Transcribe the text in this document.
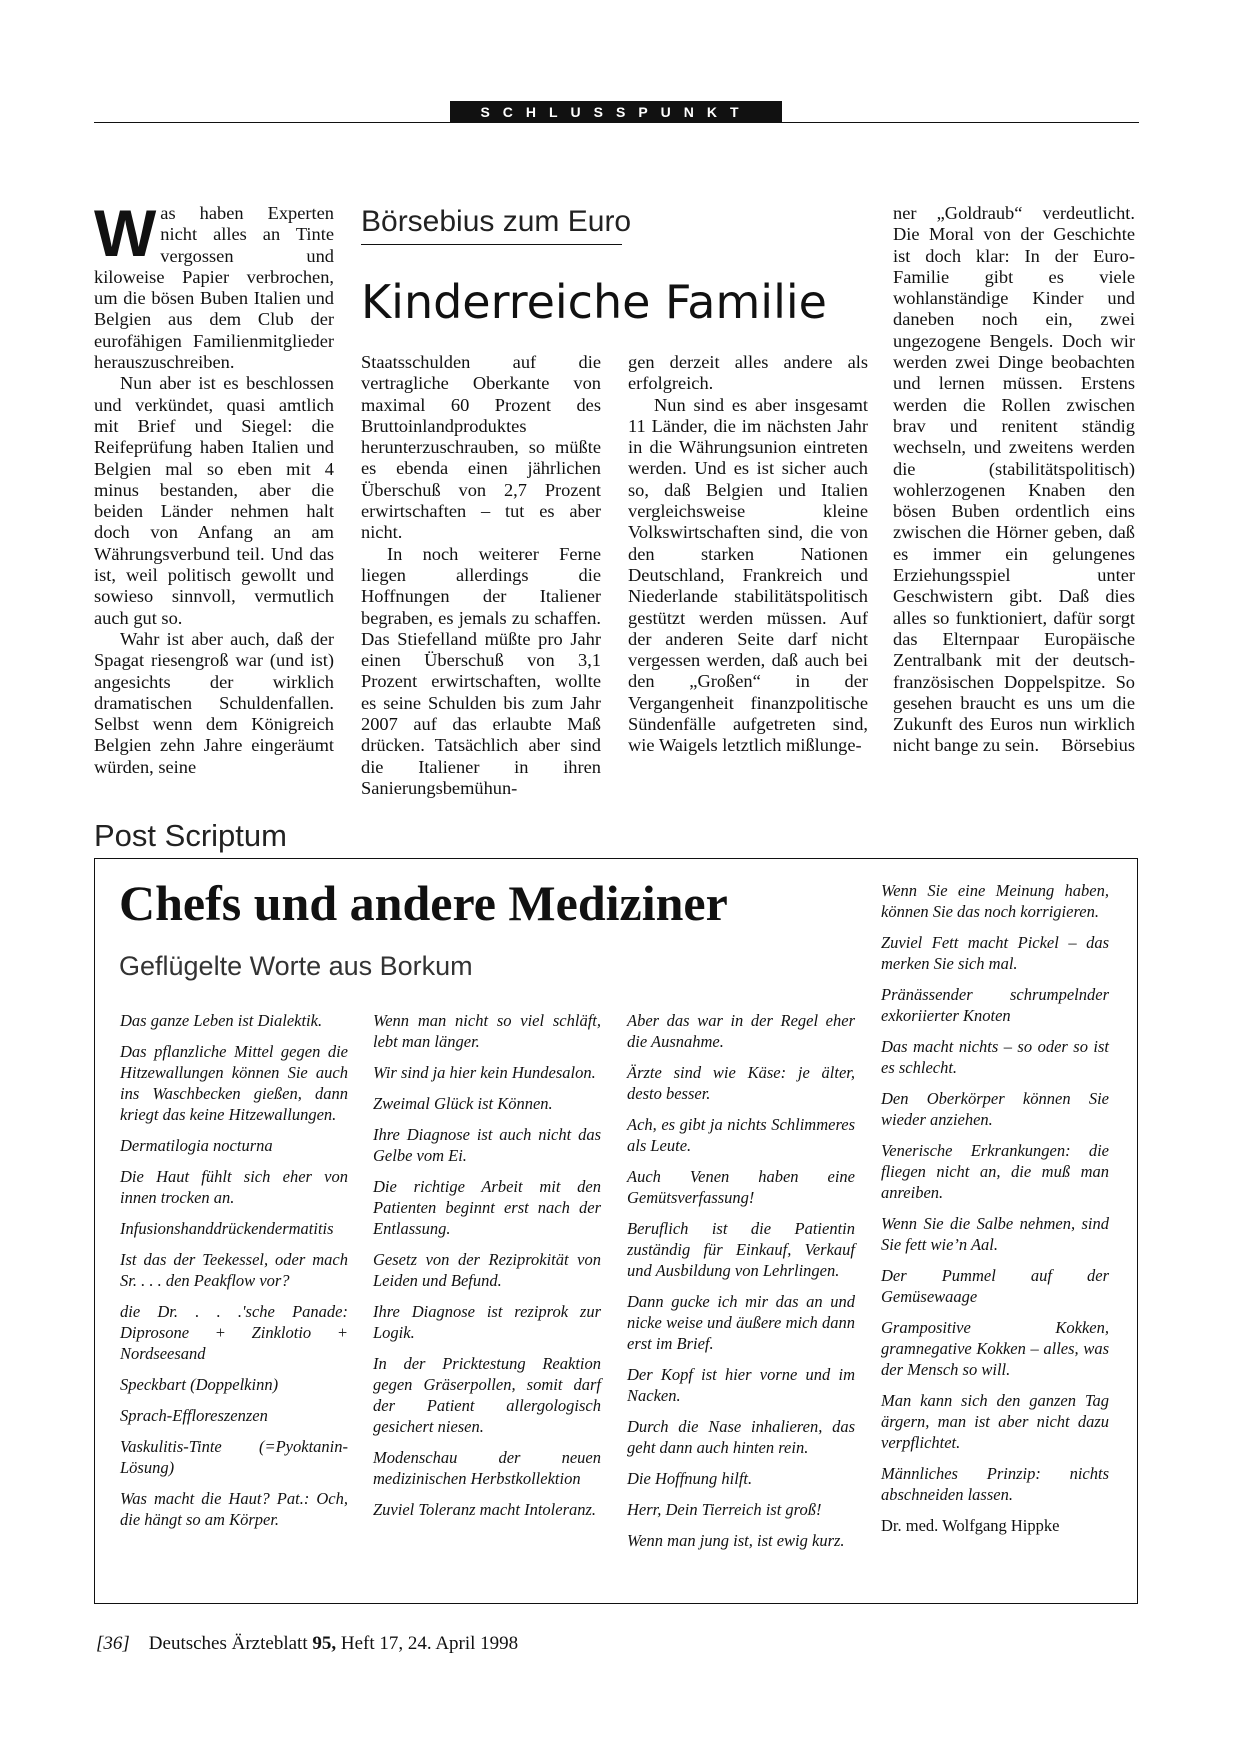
SCHLUSSPUNKT
Börsebius zum Euro
Kinderreiche Familie

Was haben Experten nicht alles an Tinte vergossen und kiloweise Papier verbrochen, um die bösen Buben Italien und Belgien aus dem Club der eurofähigen Familienmitglieder herauszuschreiben.

Nun aber ist es beschlossen und verkündet, quasi amtlich mit Brief und Siegel: die Reifeprüfung haben Italien und Belgien mal so eben mit 4 minus bestanden, aber die beiden Länder nehmen halt doch von Anfang an am Währungsverbund teil. Und das ist, weil politisch gewollt und sowieso sinnvoll, vermutlich auch gut so.

Wahr ist aber auch, daß der Spagat riesengroß war (und ist) angesichts der wirklich dramatischen Schuldenfallen. Selbst wenn dem Königreich Belgien zehn Jahre eingeräumt würden, seine

Staatsschulden auf die vertragliche Oberkante von maximal 60 Prozent des Bruttoinlandproduktes herunterzuschrauben, so müßte es ebenda einen jährlichen Überschuß von 2,7 Prozent erwirtschaften – tut es aber nicht.

In noch weiterer Ferne liegen allerdings die Hoffnungen der Italiener begraben, es jemals zu schaffen. Das Stiefelland müßte pro Jahr einen Überschuß von 3,1 Prozent erwirtschaften, wollte es seine Schulden bis zum Jahr 2007 auf das erlaubte Maß drücken. Tatsächlich aber sind die Italiener in ihren Sanierungsbemühun-

gen derzeit alles andere als erfolgreich.

Nun sind es aber insgesamt 11 Länder, die im nächsten Jahr in die Währungsunion eintreten werden. Und es ist sicher auch so, daß Belgien und Italien vergleichsweise kleine Volkswirtschaften sind, die von den starken Nationen Deutschland, Frankreich und Niederlande stabilitätspolitisch gestützt werden müssen. Auf der anderen Seite darf nicht vergessen werden, daß auch bei den „Großen“ in der Vergangenheit finanzpolitische Sündenfälle aufgetreten sind, wie Waigels letztlich mißlunge-

ner „Goldraub“ verdeutlicht. Die Moral von der Geschichte ist doch klar: In der Euro-Familie gibt es viele wohlanständige Kinder und daneben noch ein, zwei ungezogene Bengels. Doch wir werden zwei Dinge beobachten und lernen müssen. Erstens werden die Rollen zwischen brav und renitent ständig wechseln, und zweitens werden die (stabilitätspolitisch) wohlerzogenen Knaben den bösen Buben ordentlich eins zwischen die Hörner geben, daß es immer ein gelungenes Erziehungsspiel unter Geschwistern gibt. Daß dies alles so funktioniert, dafür sorgt das Elternpaar Europäische Zentralbank mit der deutsch-französischen Doppelspitze. So gesehen braucht es uns um die Zukunft des Euros nun wirklich nicht bange zu sein. Börsebius

Post Scriptum
Chefs und andere Mediziner
Geflügelte Worte aus Borkum

Das ganze Leben ist Dialektik.

Das pflanzliche Mittel gegen die Hitzewallungen können Sie auch ins Waschbecken gießen, dann kriegt das keine Hitzewallungen.

Dermatilogia nocturna

Die Haut fühlt sich eher von innen trocken an.

Infusionshanddrückendermatitis

Ist das der Teekessel, oder mach Sr. . . . den Peakflow vor?

die Dr. . . .'sche Panade: Diprosone + Zinklotio + Nordseesand

Speckbart (Doppelkinn)

Sprach-Effloreszenzen

Vaskulitis-Tinte (=Pyoktanin-Lösung)

Was macht die Haut? Pat.: Och, die hängt so am Körper.

Wenn man nicht so viel schläft, lebt man länger.

Wir sind ja hier kein Hundesalon.

Zweimal Glück ist Können.

Ihre Diagnose ist auch nicht das Gelbe vom Ei.

Die richtige Arbeit mit den Patienten beginnt erst nach der Entlassung.

Gesetz von der Reziprokität von Leiden und Befund.

Ihre Diagnose ist reziprok zur Logik.

In der Pricktestung Reaktion gegen Gräserpollen, somit darf der Patient allergologisch gesichert niesen.

Modenschau der neuen medizinischen Herbstkollektion

Zuviel Toleranz macht Intoleranz.

Aber das war in der Regel eher die Ausnahme.

Ärzte sind wie Käse: je älter, desto besser.

Ach, es gibt ja nichts Schlimmeres als Leute.

Auch Venen haben eine Gemütsverfassung!

Beruflich ist die Patientin zuständig für Einkauf, Verkauf und Ausbildung von Lehrlingen.

Dann gucke ich mir das an und nicke weise und äußere mich dann erst im Brief.

Der Kopf ist hier vorne und im Nacken.

Durch die Nase inhalieren, das geht dann auch hinten rein.

Die Hoffnung hilft.

Herr, Dein Tierreich ist groß!

Wenn man jung ist, ist ewig kurz.

Wenn Sie eine Meinung haben, können Sie das noch korrigieren.

Zuviel Fett macht Pickel – das merken Sie sich mal.

Pränässender schrumpelnder exkoriierter Knoten

Das macht nichts – so oder so ist es schlecht.

Den Oberkörper können Sie wieder anziehen.

Venerische Erkrankungen: die fliegen nicht an, die muß man anreiben.

Wenn Sie die Salbe nehmen, sind Sie fett wie’n Aal.

Der Pummel auf der Gemüsewaage

Grampositive Kokken, gramnegative Kokken – alles, was der Mensch so will.

Man kann sich den ganzen Tag ärgern, man ist aber nicht dazu verpflichtet.

Männliches Prinzip: nichts abschneiden lassen.

Dr. med. Wolfgang Hippke

[36] Deutsches Ärzteblatt 95, Heft 17, 24. April 1998
